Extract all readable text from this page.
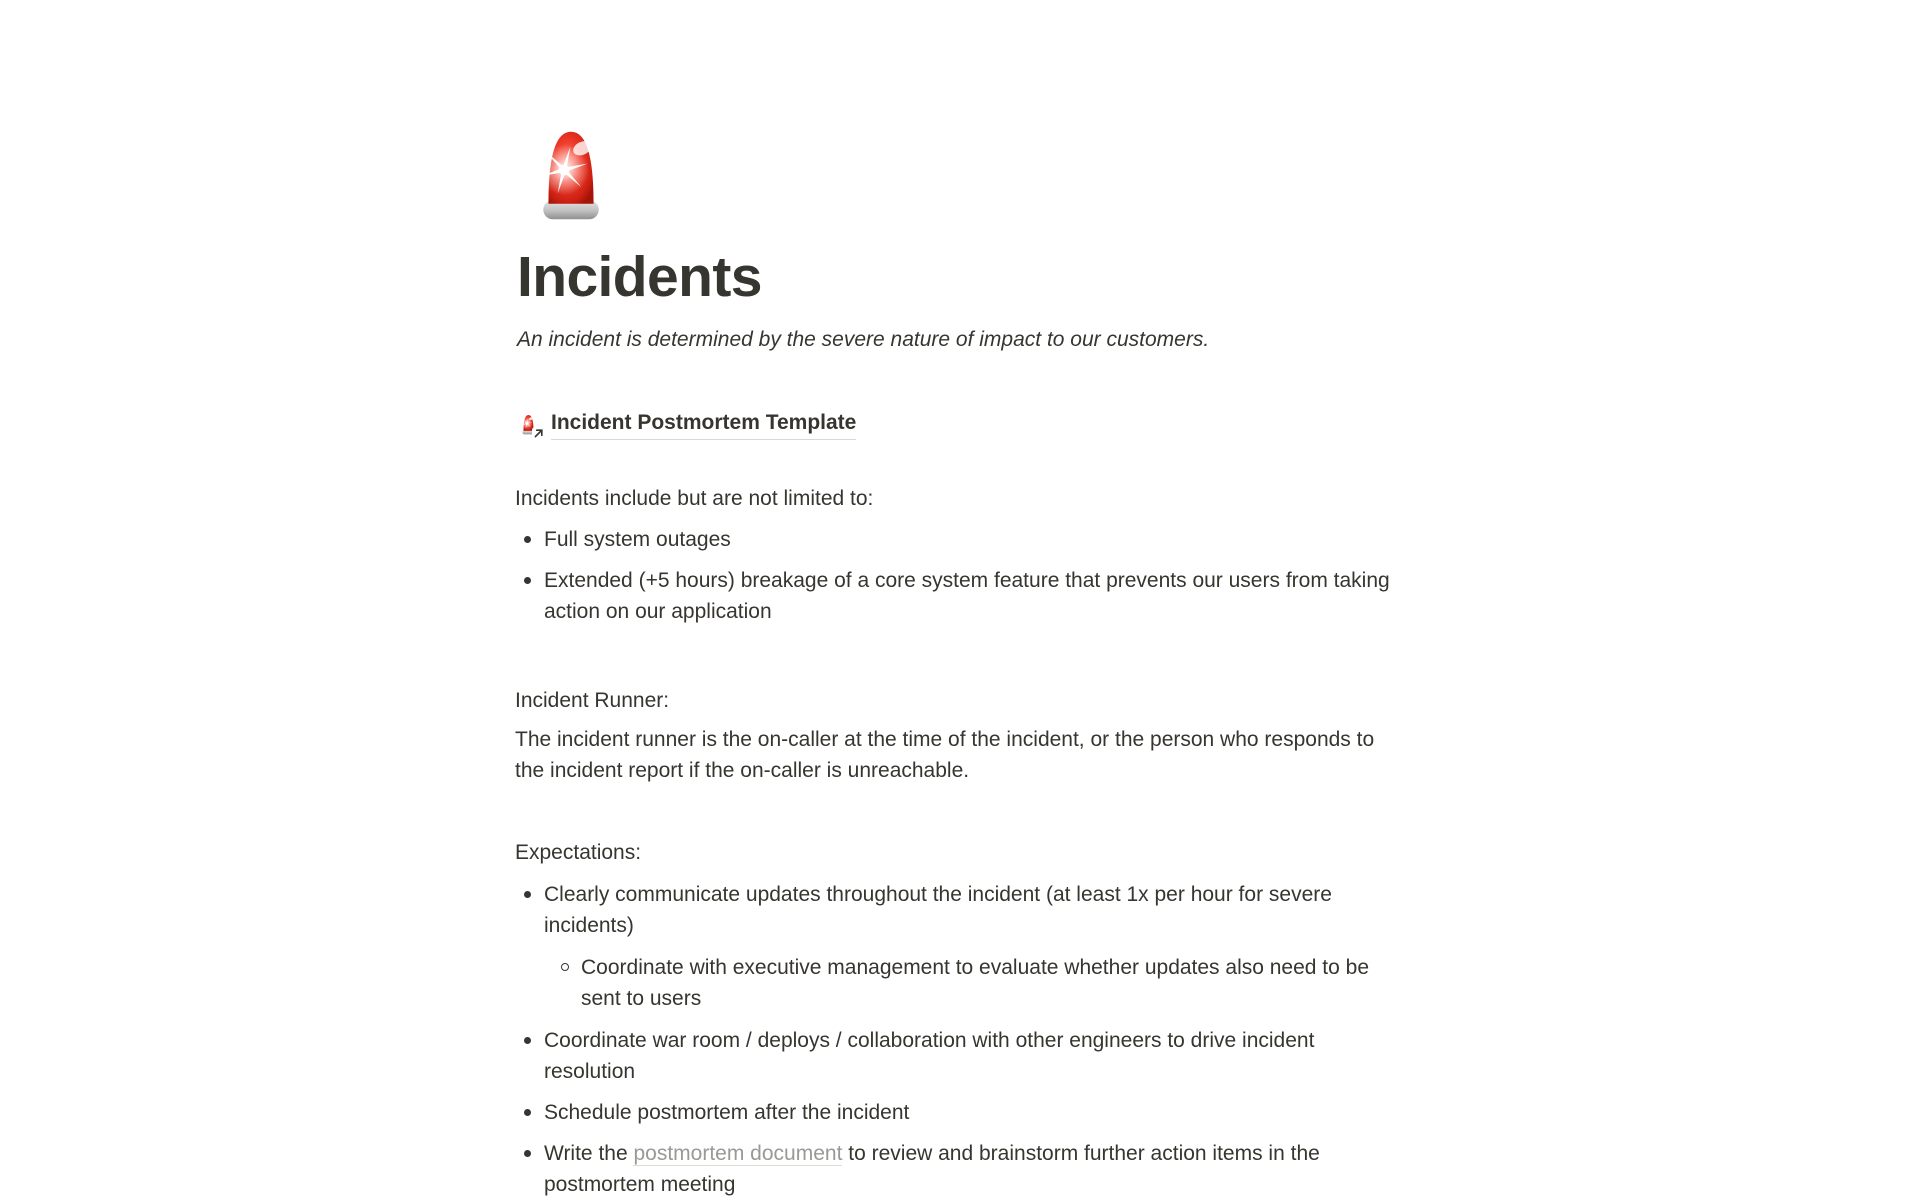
Incidents

An incident is determined by the severe nature of impact to our customers.

Incident Postmortem Template

Incidents include but are not limited to:

Full system outages
Extended (+5 hours) breakage of a core system feature that prevents our users from taking action on our application

Incident Runner:

The incident runner is the on-caller at the time of the incident, or the person who responds to the incident report if the on-caller is unreachable.

Expectations:

Clearly communicate updates throughout the incident (at least 1x per hour for severe incidents)
Coordinate with executive management to evaluate whether updates also need to be sent to users
Coordinate war room / deploys / collaboration with other engineers to drive incident resolution
Schedule postmortem after the incident
Write the postmortem document to review and brainstorm further action items in the postmortem meeting
